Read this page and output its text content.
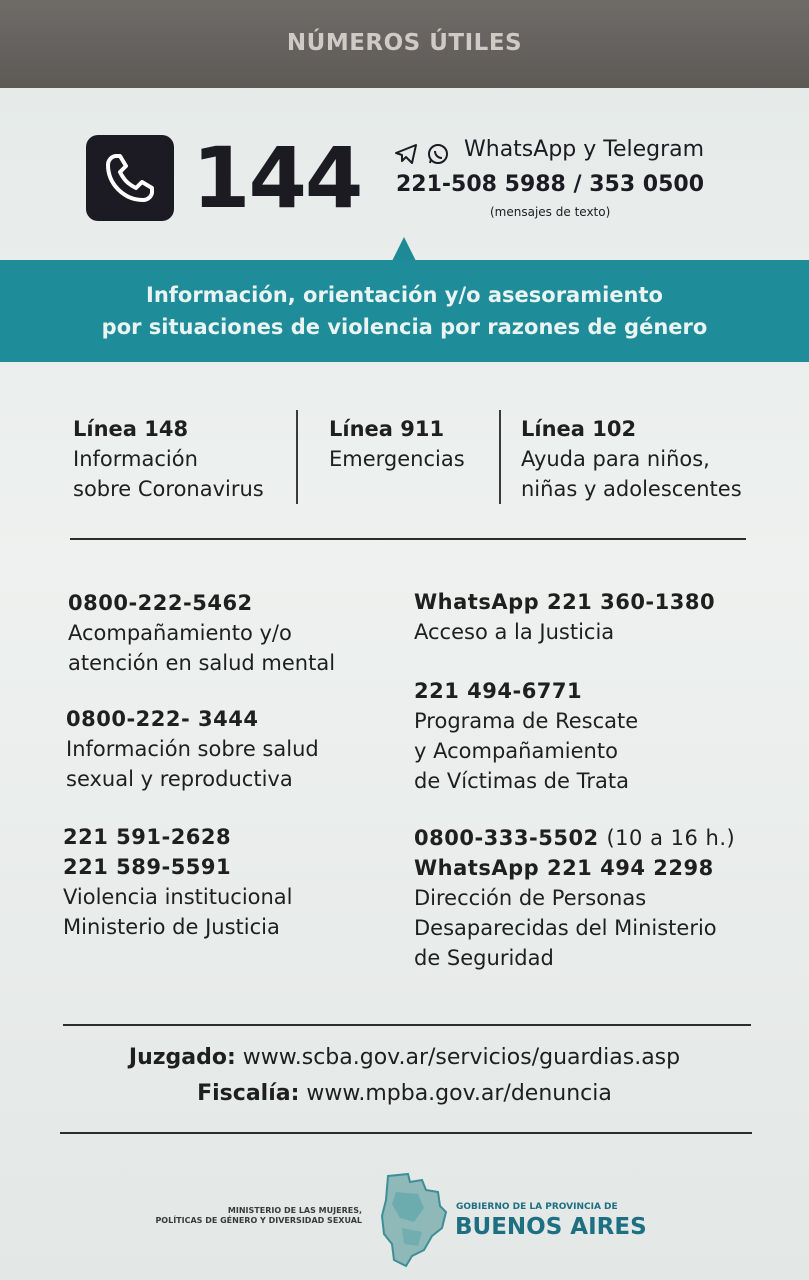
NÚMEROS ÚTILES
144	WhatsApp y Telegram
221-508 5988 / 353 0500
(mensajes de texto)
Información, orientación y/o asesoramiento
por situaciones de violencia por razones de género
Línea 148
Información
sobre Coronavirus
Línea 911
Emergencias
Línea 102
Ayuda para niños,
niñas y adolescentes
0800-222-5462
Acompañamiento y/o
atención en salud mental
0800-222- 3444
Información sobre salud
sexual y reproductiva
221 591-2628
221 589-5591
Violencia institucional
Ministerio de Justicia
WhatsApp 221 360-1380
Acceso a la Justicia
221 494-6771
Programa de Rescate
y Acompañamiento
de Víctimas de Trata
0800-333-5502 (10 a 16 h.)
WhatsApp 221 494 2298
Dirección de Personas
Desaparecidas del Ministerio
de Seguridad
Juzgado: www.scba.gov.ar/servicios/guardias.asp
Fiscalía: www.mpba.gov.ar/denuncia
MINISTERIO DE LAS MUJERES,
POLÍTICAS DE GÉNERO Y DIVERSIDAD SEXUAL
GOBIERNO DE LA PROVINCIA DE
BUENOS AIRES
